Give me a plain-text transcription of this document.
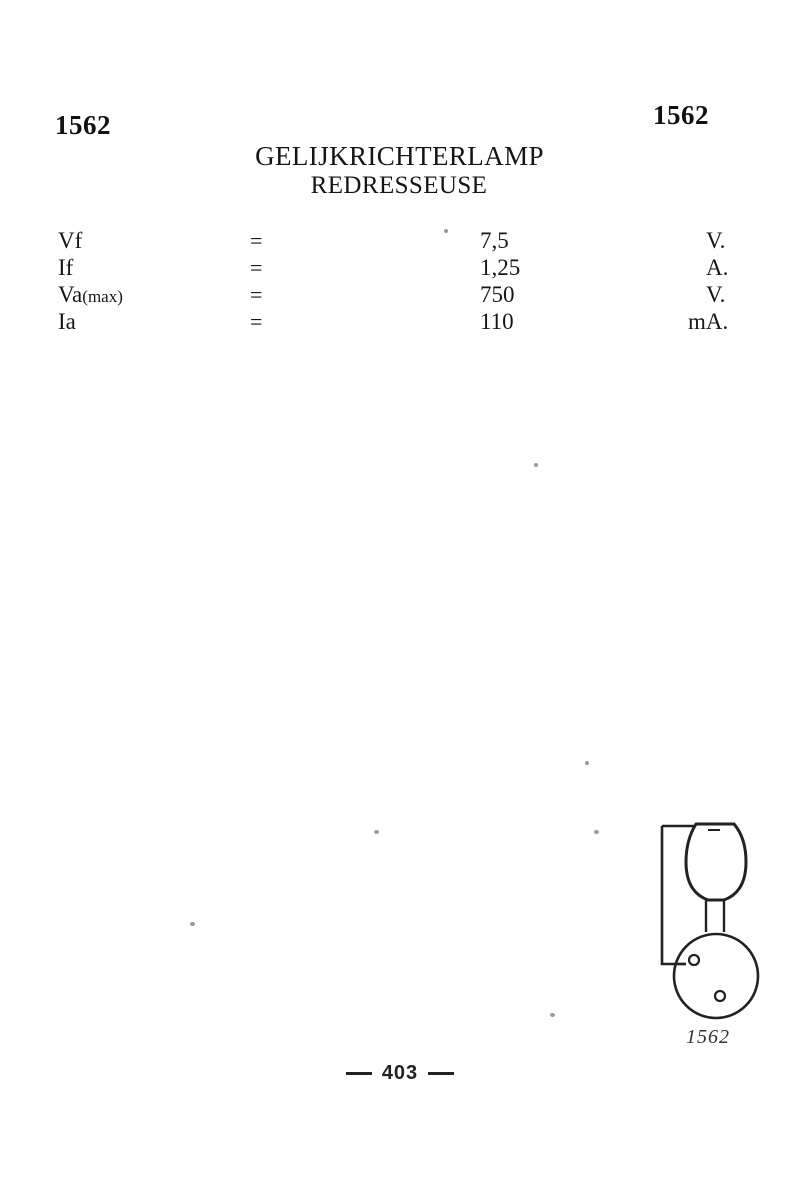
1562	1562
GELIJKRICHTERLAMP
REDRESSEUSE
Vf	=	7,5	V.
If	=	1,25	A.
Va(max)	=	750	V.
Ia	=	110	mA.
1562
403
